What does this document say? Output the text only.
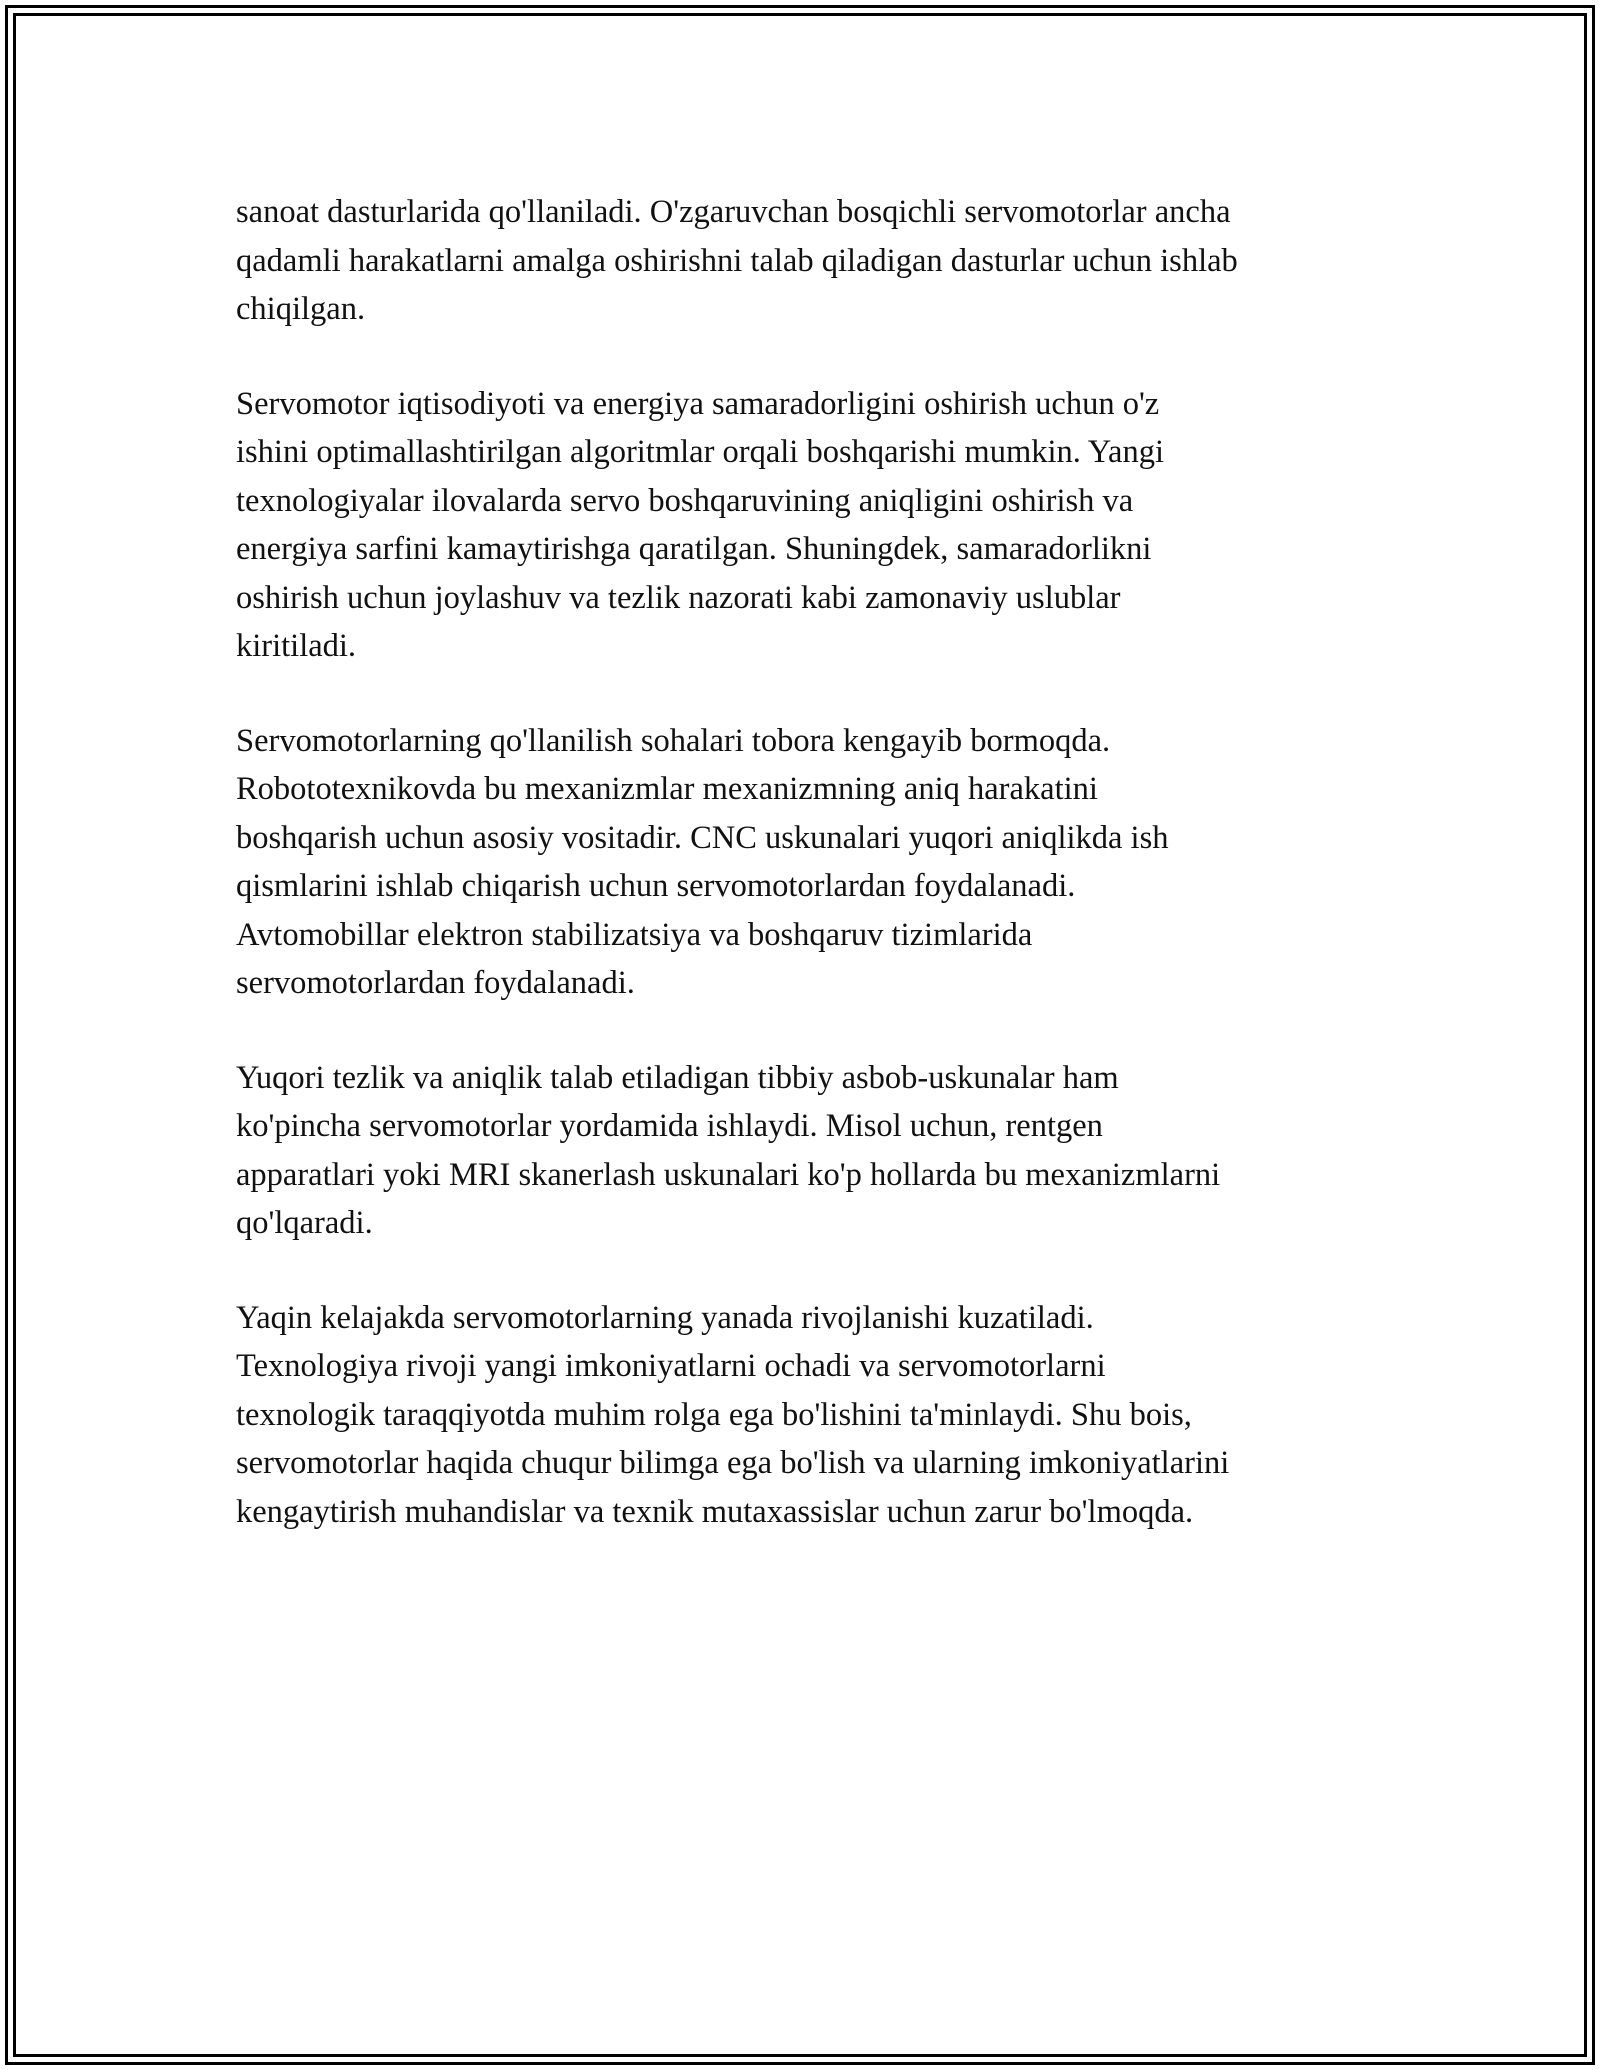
sanoat dasturlarida qo'llaniladi. O'zgaruvchan bosqichli servomotorlar ancha
qadamli harakatlarni amalga oshirishni talab qiladigan dasturlar uchun ishlab
chiqilgan.

Servomotor iqtisodiyoti va energiya samaradorligini oshirish uchun o'z
ishini optimallashtirilgan algoritmlar orqali boshqarishi mumkin. Yangi
texnologiyalar ilovalarda servo boshqaruvining aniqligini oshirish va
energiya sarfini kamaytirishga qaratilgan. Shuningdek, samaradorlikni
oshirish uchun joylashuv va tezlik nazorati kabi zamonaviy uslublar
kiritiladi.

Servomotorlarning qo'llanilish sohalari tobora kengayib bormoqda.
Robototexnikovda bu mexanizmlar mexanizmning aniq harakatini
boshqarish uchun asosiy vositadir. CNC uskunalari yuqori aniqlikda ish
qismlarini ishlab chiqarish uchun servomotorlardan foydalanadi.
Avtomobillar elektron stabilizatsiya va boshqaruv tizimlarida
servomotorlardan foydalanadi.

Yuqori tezlik va aniqlik talab etiladigan tibbiy asbob-uskunalar ham
ko'pincha servomotorlar yordamida ishlaydi. Misol uchun, rentgen
apparatlari yoki MRI skanerlash uskunalari ko'p hollarda bu mexanizmlarni
qo'lqaradi.

Yaqin kelajakda servomotorlarning yanada rivojlanishi kuzatiladi.
Texnologiya rivoji yangi imkoniyatlarni ochadi va servomotorlarni
texnologik taraqqiyotda muhim rolga ega bo'lishini ta'minlaydi. Shu bois,
servomotorlar haqida chuqur bilimga ega bo'lish va ularning imkoniyatlarini
kengaytirish muhandislar va texnik mutaxassislar uchun zarur bo'lmoqda.
